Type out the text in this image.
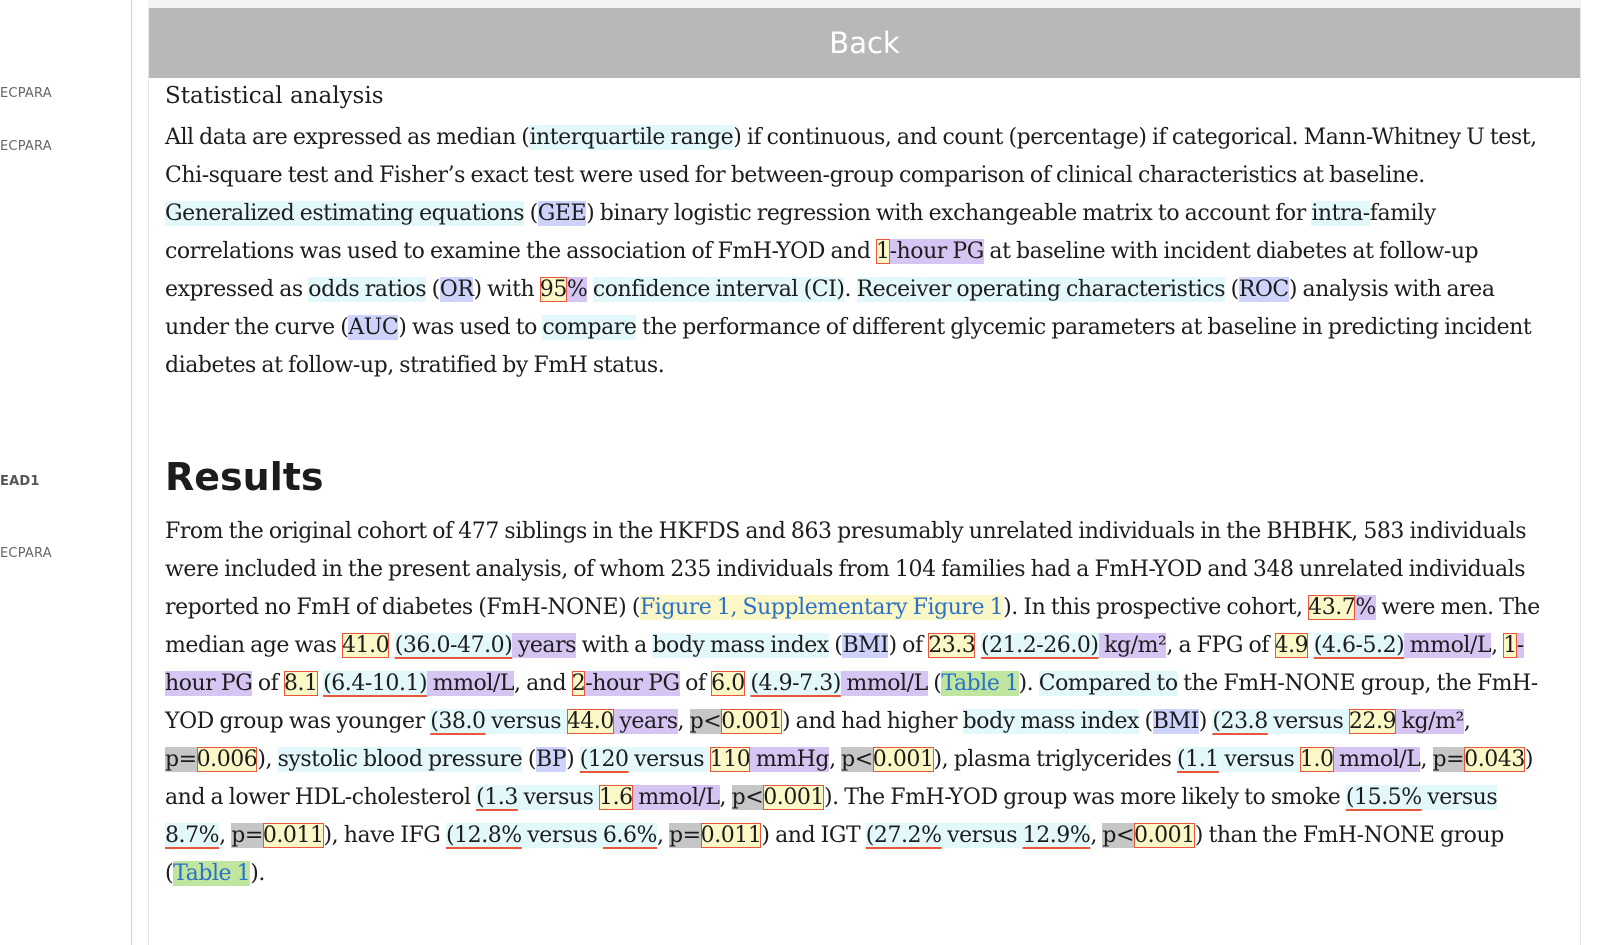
ECPARA
ECPARA
EAD1
ECPARA
Back
Statistical analysis

All data are expressed as median (interquartile range) if continuous, and count (percentage) if categorical. Mann-Whitney U test, Chi-square test and Fisher’s exact test were used for between-group comparison of clinical characteristics at baseline. Generalized estimating equations (GEE) binary logistic regression with exchangeable matrix to account for intra-family correlations was used to examine the association of FmH-YOD and 1-hour PG at baseline with incident diabetes at follow-up expressed as odds ratios (OR) with 95% confidence interval (CI). Receiver operating characteristics (ROC) analysis with area under the curve (AUC) was used to compare the performance of different glycemic parameters at baseline in predicting incident diabetes at follow-up, stratified by FmH status.

Results

From the original cohort of 477 siblings in the HKFDS and 863 presumably unrelated individuals in the BHBHK, 583 individuals were included in the present analysis, of whom 235 individuals from 104 families had a FmH-YOD and 348 unrelated individuals reported no FmH of diabetes (FmH-NONE) (Figure 1, Supplementary Figure 1). In this prospective cohort, 43.7% were men. The median age was 41.0 (36.0-47.0) years with a body mass index (BMI) of 23.3 (21.2-26.0) kg/m², a FPG of 4.9 (4.6-5.2) mmol/L, 1-hour PG of 8.1 (6.4-10.1) mmol/L, and 2-hour PG of 6.0 (4.9-7.3) mmol/L (Table 1). Compared to the FmH-NONE group, the FmH-YOD group was younger (38.0 versus 44.0 years, p<0.001) and had higher body mass index (BMI) (23.8 versus 22.9 kg/m², p=0.006), systolic blood pressure (BP) (120 versus 110 mmHg, p<0.001), plasma triglycerides (1.1 versus 1.0 mmol/L, p=0.043) and a lower HDL-cholesterol (1.3 versus 1.6 mmol/L, p<0.001). The FmH-YOD group was more likely to smoke (15.5% versus 8.7%, p=0.011), have IFG (12.8% versus 6.6%, p=0.011) and IGT (27.2% versus 12.9%, p<0.001) than the FmH-NONE group (Table 1).
